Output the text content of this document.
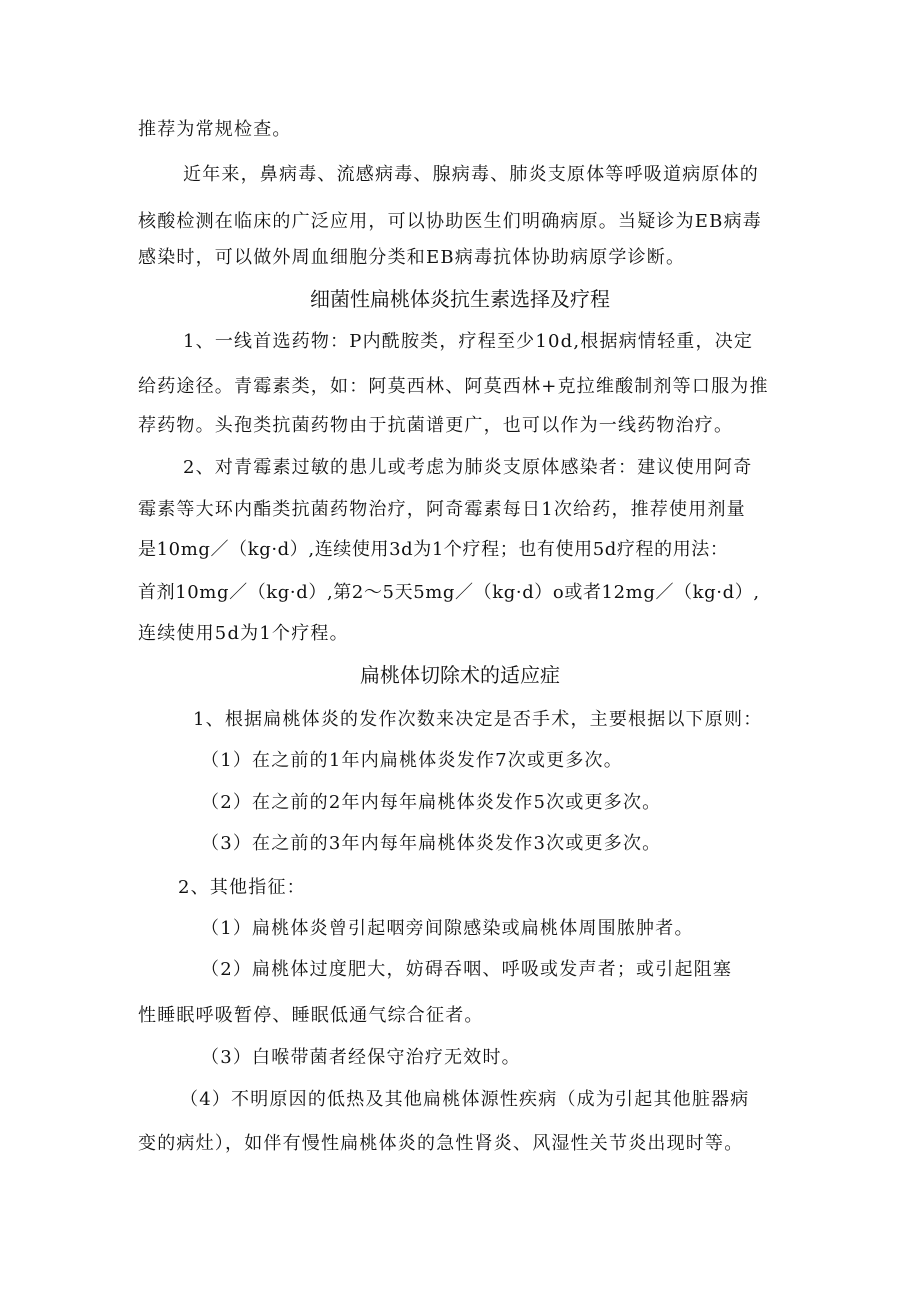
推荐为常规检查。
近年来，鼻病毒、流感病毒、腺病毒、肺炎支原体等呼吸道病原体的
核酸检测在临床的广泛应用，可以协助医生们明确病原。当疑诊为EB病毒
感染时，可以做外周血细胞分类和EB病毒抗体协助病原学诊断。
细菌性扁桃体炎抗生素选择及疗程
1、一线首选药物：P内酰胺类，疗程至少10d,根据病情轻重，决定
给药途径。青霉素类，如：阿莫西林、阿莫西林+克拉维酸制剂等口服为推
荐药物。头孢类抗菌药物由于抗菌谱更广，也可以作为一线药物治疗。
2、对青霉素过敏的患儿或考虑为肺炎支原体感染者：建议使用阿奇
霉素等大环内酯类抗菌药物治疗，阿奇霉素每日1次给药，推荐使用剂量
是10mg／（kg·d）,连续使用3d为1个疗程；也有使用5d疗程的用法：
首剂10mg／（kg·d）,第2～5天5mg／（kg·d）o或者12mg／（kg·d）,
连续使用5d为1个疗程。
扁桃体切除术的适应症
1、根据扁桃体炎的发作次数来决定是否手术，主要根据以下原则：
（1）在之前的1年内扁桃体炎发作7次或更多次。
（2）在之前的2年内每年扁桃体炎发作5次或更多次。
（3）在之前的3年内每年扁桃体炎发作3次或更多次。
2、其他指征：
（1）扁桃体炎曾引起咽旁间隙感染或扁桃体周围脓肿者。
（2）扁桃体过度肥大，妨碍吞咽、呼吸或发声者；或引起阻塞
性睡眠呼吸暂停、睡眠低通气综合征者。
（3）白喉带菌者经保守治疗无效时。
（4）不明原因的低热及其他扁桃体源性疾病（成为引起其他脏器病
变的病灶），如伴有慢性扁桃体炎的急性肾炎、风湿性关节炎出现时等。
